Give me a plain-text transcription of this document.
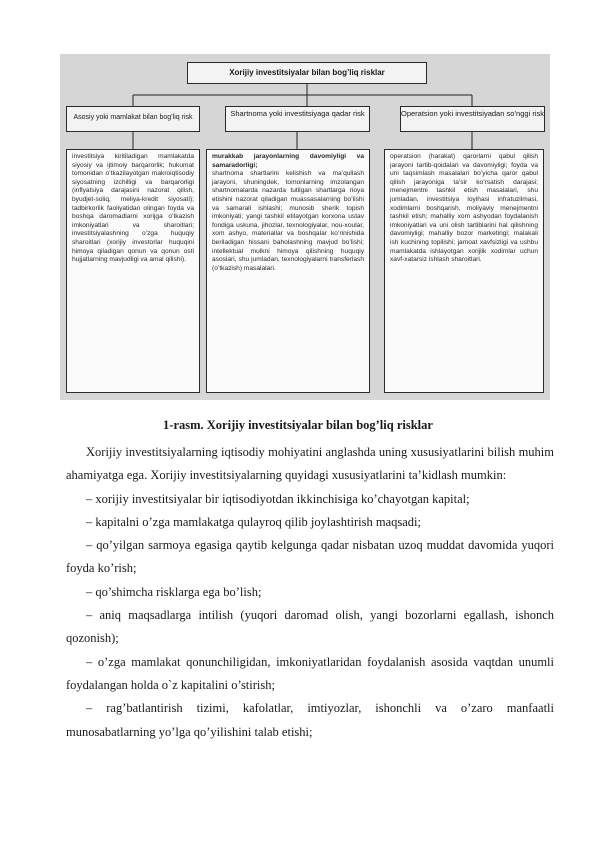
Xorijiy investitsiyalar bilan bog’liq risklar
Asosiy yoki mamlakat bilan bog’liq risk	Shartnoma yoki investitsiyaga qadar risk	Operatsion yoki investitsiyadan so’nggi risk

investitsiya kiritiladigan mamlakatda siyosiy va ijtimoiy barqarorlik; hukumat tomonidan o’tkazilayotgan makroiqtisodiy siyosatning izchilligi va barqarorligi (inflyatsiya darajasini nazorat qilish, byudjet-soliq, meliya-kredit siyosati); tadbirkorlik faoliyatidan olingan foyda va boshqa daromadlarni xorijga o’tkazish imkoniyatlari va sharoitlari; investitsiyalashning o’zga huquqiy sharoitlari (xorijiy investorlar huquqini himoya qiladigan qonun va qonun osti hujjatlarning mavjudligi va amal qilishi).

murakkab jarayonlarning davomiyligi va samaradorligi;

shartnoma shartlarini kelishish va ma’qullash jarayoni, shuningdek, tomonlarning imzolangan shartnomalarda nazarda tutilgan shartlarga rioya etishini nazorat qiladigan muassasalarning bo’lishi va samarali ishlashi; munosib sherik topish imkoniyati; yangi tashkil etilayotgan korxona ustav fondiga uskuna, jihozlar, texnologiyalar, nou-xoular, xom ashyo, materiallar va boshqalar ko’rinishida beriladigan hissani baholashning mavjud bo’lishi; intellektual mulkni himoya qilishning huquqiy asoslari, shu jumladan, texnologiyalarni transferlash (o’tkazish) masalalari.

operatsion (harakat) qarorlarni qabul qilish jarayoni tartib-qoidalari va davomiyligi; foyda va uni taqsimlash masalalari bo’yicha qaror qabul qilish jarayoniga ta’sir ko’rsatish darajasi; menejmentni tashkil etish masalalari, shu jumladan, investitsiya loyihasi infratuzilmasi, xodimlarni boshqarish, moliyaviy menejmentni tashkil etish; mahalliy xom ashyodan foydalanish imkoniyatlari va uni olish tartiblarini hal qilishning davomiyligi; mahalliy bozor marketingi; malakali ish kuchining topilishi; jamoat xavfsizligi va ushbu mamlakatda ishlayotgan xorijlik xodimlar uchun xavf-xatarsiz ishlash sharoitlari.

1-rasm. Xorijiy investitsiyalar bilan bog’liq risklar

Xorijiy investitsiyalarning iqtisodiy mohiyatini anglashda uning xususiyatlarini bilish muhim ahamiyatga ega. Xorijiy investitsiyalarning quyidagi xususiyatlarini ta’kidlash mumkin:

– xorijiy investitsiyalar bir iqtisodiyotdan ikkinchisiga ko’chayotgan kapital;

– kapitalni o’zga mamlakatga qulayroq qilib joylashtirish maqsadi;

– qo’yilgan sarmoya egasiga qaytib kelgunga qadar nisbatan uzoq muddat davomida yuqori foyda ko’rish;

– qo’shimcha risklarga ega bo’lish;

– aniq maqsadlarga intilish (yuqori daromad olish, yangi bozorlarni egallash, ishonch qozonish);

– o’zga mamlakat qonunchiligidan, imkoniyatlaridan foydalanish asosida vaqtdan unumli foydalangan holda o`z kapitalini o’stirish;

– rag’batlantirish tizimi, kafolatlar, imtiyozlar, ishonchli va o’zaro manfaatli munosabatlarning yo’lga qo’yilishini talab etishi;
